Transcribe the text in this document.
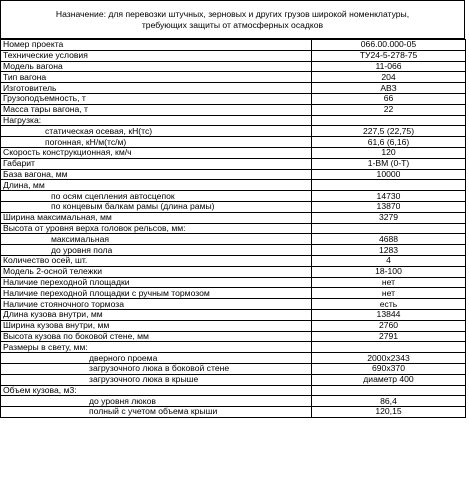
Назначение: для перевозки штучных, зерновых и других грузов широкой номенклатуры,
требующих защиты от атмосферных осадков
Номер проекта	066.00.000-05
Технические условия	ТУ24-5-278-75
Модель вагона	11-066
Тип вагона	204
Изготовитель	АВЗ
Грузоподъемность, т	66
Масса тары вагона, т	22
Нагрузка:	
статическая осевая, кН(тс)	227,5 (22,75)
погонная, кН/м(тс/м)	61,6 (6,16)
Скорость конструкционная, км/ч	120
Габарит	1-ВМ (0-Т)
База вагона, мм	10000
Длина, мм	
по осям сцепления автосцепок	14730
по концевым балкам рамы (длина рамы)	13870
Ширина максимальная, мм	3279
Высота от уровня верха головок рельсов, мм:	
максимальная	4688
до уровня пола	1283
Количество осей, шт.	4
Модель 2-осной тележки	18-100
Наличие переходной площадки	нет
Наличие переходной площадки с ручным тормозом	нет
Наличие стояночного тормоза	есть
Длина кузова внутри, мм	13844
Ширина кузова внутри, мм	2760
Высота кузова по боковой стене, мм	2791
Размеры в свету, мм:	
дверного проема	2000x2343
загрузочного люка в боковой стене	690x370
загрузочного люка в крыше	диаметр 400
Объем кузова, м3:	
до уровня люков	86,4
полный с учетом объема крыши	120,15
